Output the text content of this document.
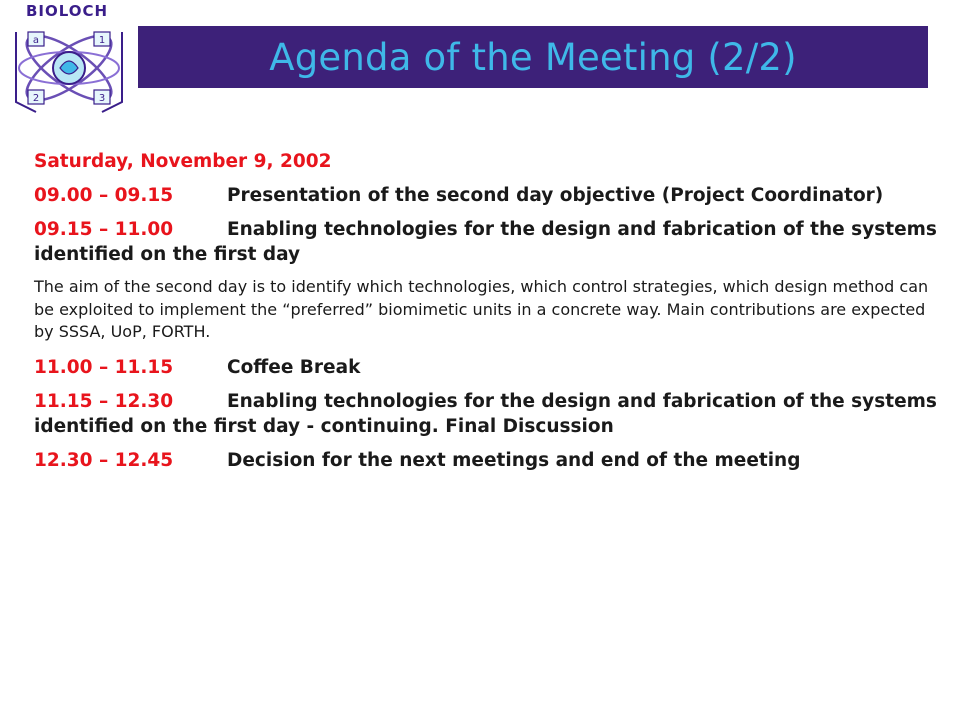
BIOLOCH
a	1
2	3
Agenda of the Meeting (2/2)

Saturday, November 9, 2002

09.00 – 09.15	Presentation of the second day objective (Project Coordinator)

09.15 – 11.00	Enabling technologies for the design and fabrication of the systems identified on the first day

The aim of the second day is to identify which technologies, which control strategies, which design method can be exploited to implement the “preferred” biomimetic units in a concrete way. Main contributions are expected by SSSA, UoP, FORTH.

11.00 – 11.15	Coffee Break

11.15 – 12.30	Enabling technologies for the design and fabrication of the systems identified on the first day - continuing. Final Discussion

12.30 – 12.45	Decision for the next meetings and end of the meeting
